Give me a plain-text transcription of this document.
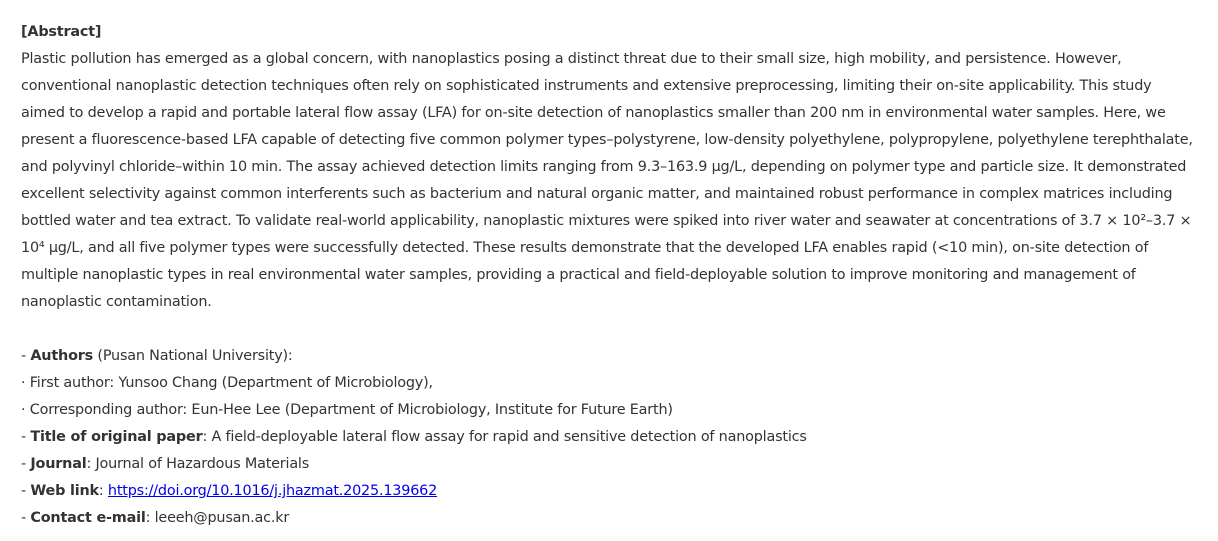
[Abstract]

Plastic pollution has emerged as a global concern, with nanoplastics posing a distinct threat due to their small size, high mobility, and persistence. However, conventional nanoplastic detection techniques often rely on sophisticated instruments and extensive preprocessing, limiting their on-site applicability. This study aimed to develop a rapid and portable lateral flow assay (LFA) for on-site detection of nanoplastics smaller than 200 nm in environmental water samples. Here, we present a fluorescence-based LFA capable of detecting five common polymer types–polystyrene, low-density polyethylene, polypropylene, polyethylene terephthalate, and polyvinyl chloride–within 10 min. The assay achieved detection limits ranging from 9.3–163.9 μg/L, depending on polymer type and particle size. It demonstrated excellent selectivity against common interferents such as bacterium and natural organic matter, and maintained robust performance in complex matrices including bottled water and tea extract. To validate real-world applicability, nanoplastic mixtures were spiked into river water and seawater at concentrations of 3.7 × 10²–3.7 × 10⁴ μg/L, and all five polymer types were successfully detected. These results demonstrate that the developed LFA enables rapid (<10 min), on-site detection of multiple nanoplastic types in real environmental water samples, providing a practical and field-deployable solution to improve monitoring and management of nanoplastic contamination.

- Authors (Pusan National University):

· First author: Yunsoo Chang (Department of Microbiology),

· Corresponding author: Eun-Hee Lee (Department of Microbiology, Institute for Future Earth)

- Title of original paper: A field-deployable lateral flow assay for rapid and sensitive detection of nanoplastics

- Journal: Journal of Hazardous Materials

- Web link: https://doi.org/10.1016/j.jhazmat.2025.139662

- Contact e-mail: leeeh@pusan.ac.kr
